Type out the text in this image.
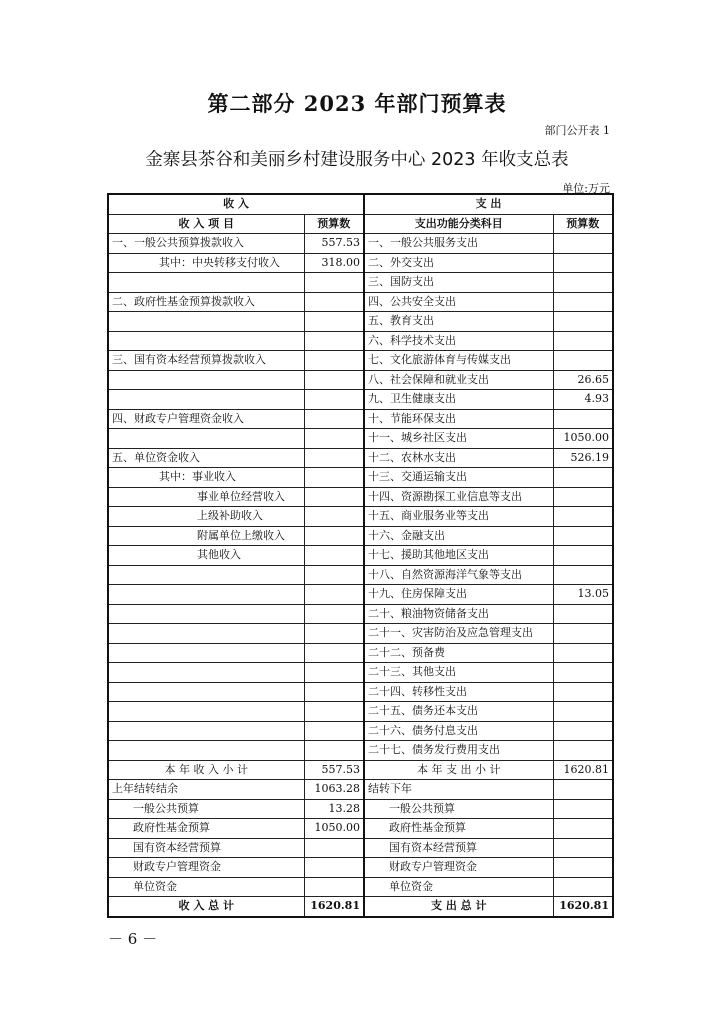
第二部分 2023 年部门预算表
部门公开表 1
金寨县茶谷和美丽乡村建设服务中心 2023 年收支总表
单位:万元
收 入		支 出	
收 入 项 目	预算数	支出功能分类科目	预算数
一、一般公共预算拨款收入	557.53	一、一般公共服务支出	
其中：中央转移支付收入	318.00	二、外交支出	
		三、国防支出	
二、政府性基金预算拨款收入		四、公共安全支出	
		五、教育支出	
		六、科学技术支出	
三、国有资本经营预算拨款收入		七、文化旅游体育与传媒支出	
		八、社会保障和就业支出	26.65
		九、卫生健康支出	4.93
四、财政专户管理资金收入		十、节能环保支出	
		十一、城乡社区支出	1050.00
五、单位资金收入		十二、农林水支出	526.19
其中：事业收入		十三、交通运输支出	
事业单位经营收入		十四、资源勘探工业信息等支出	
上级补助收入		十五、商业服务业等支出	
附属单位上缴收入		十六、金融支出	
其他收入		十七、援助其他地区支出	
		十八、自然资源海洋气象等支出	
		十九、住房保障支出	13.05
		二十、粮油物资储备支出	
		二十一、灾害防治及应急管理支出	
		二十二、预备费	
		二十三、其他支出	
		二十四、转移性支出	
		二十五、债务还本支出	
		二十六、债务付息支出	
		二十七、债务发行费用支出	
本 年 收 入 小 计	557.53	本 年 支 出 小 计	1620.81
上年结转结余	1063.28	结转下年	
一般公共预算	13.28	一般公共预算	
政府性基金预算	1050.00	政府性基金预算	
国有资本经营预算		国有资本经营预算	
财政专户管理资金		财政专户管理资金	
单位资金		单位资金	
收 入 总 计	1620.81	支 出 总 计	1620.81
－ 6 －
